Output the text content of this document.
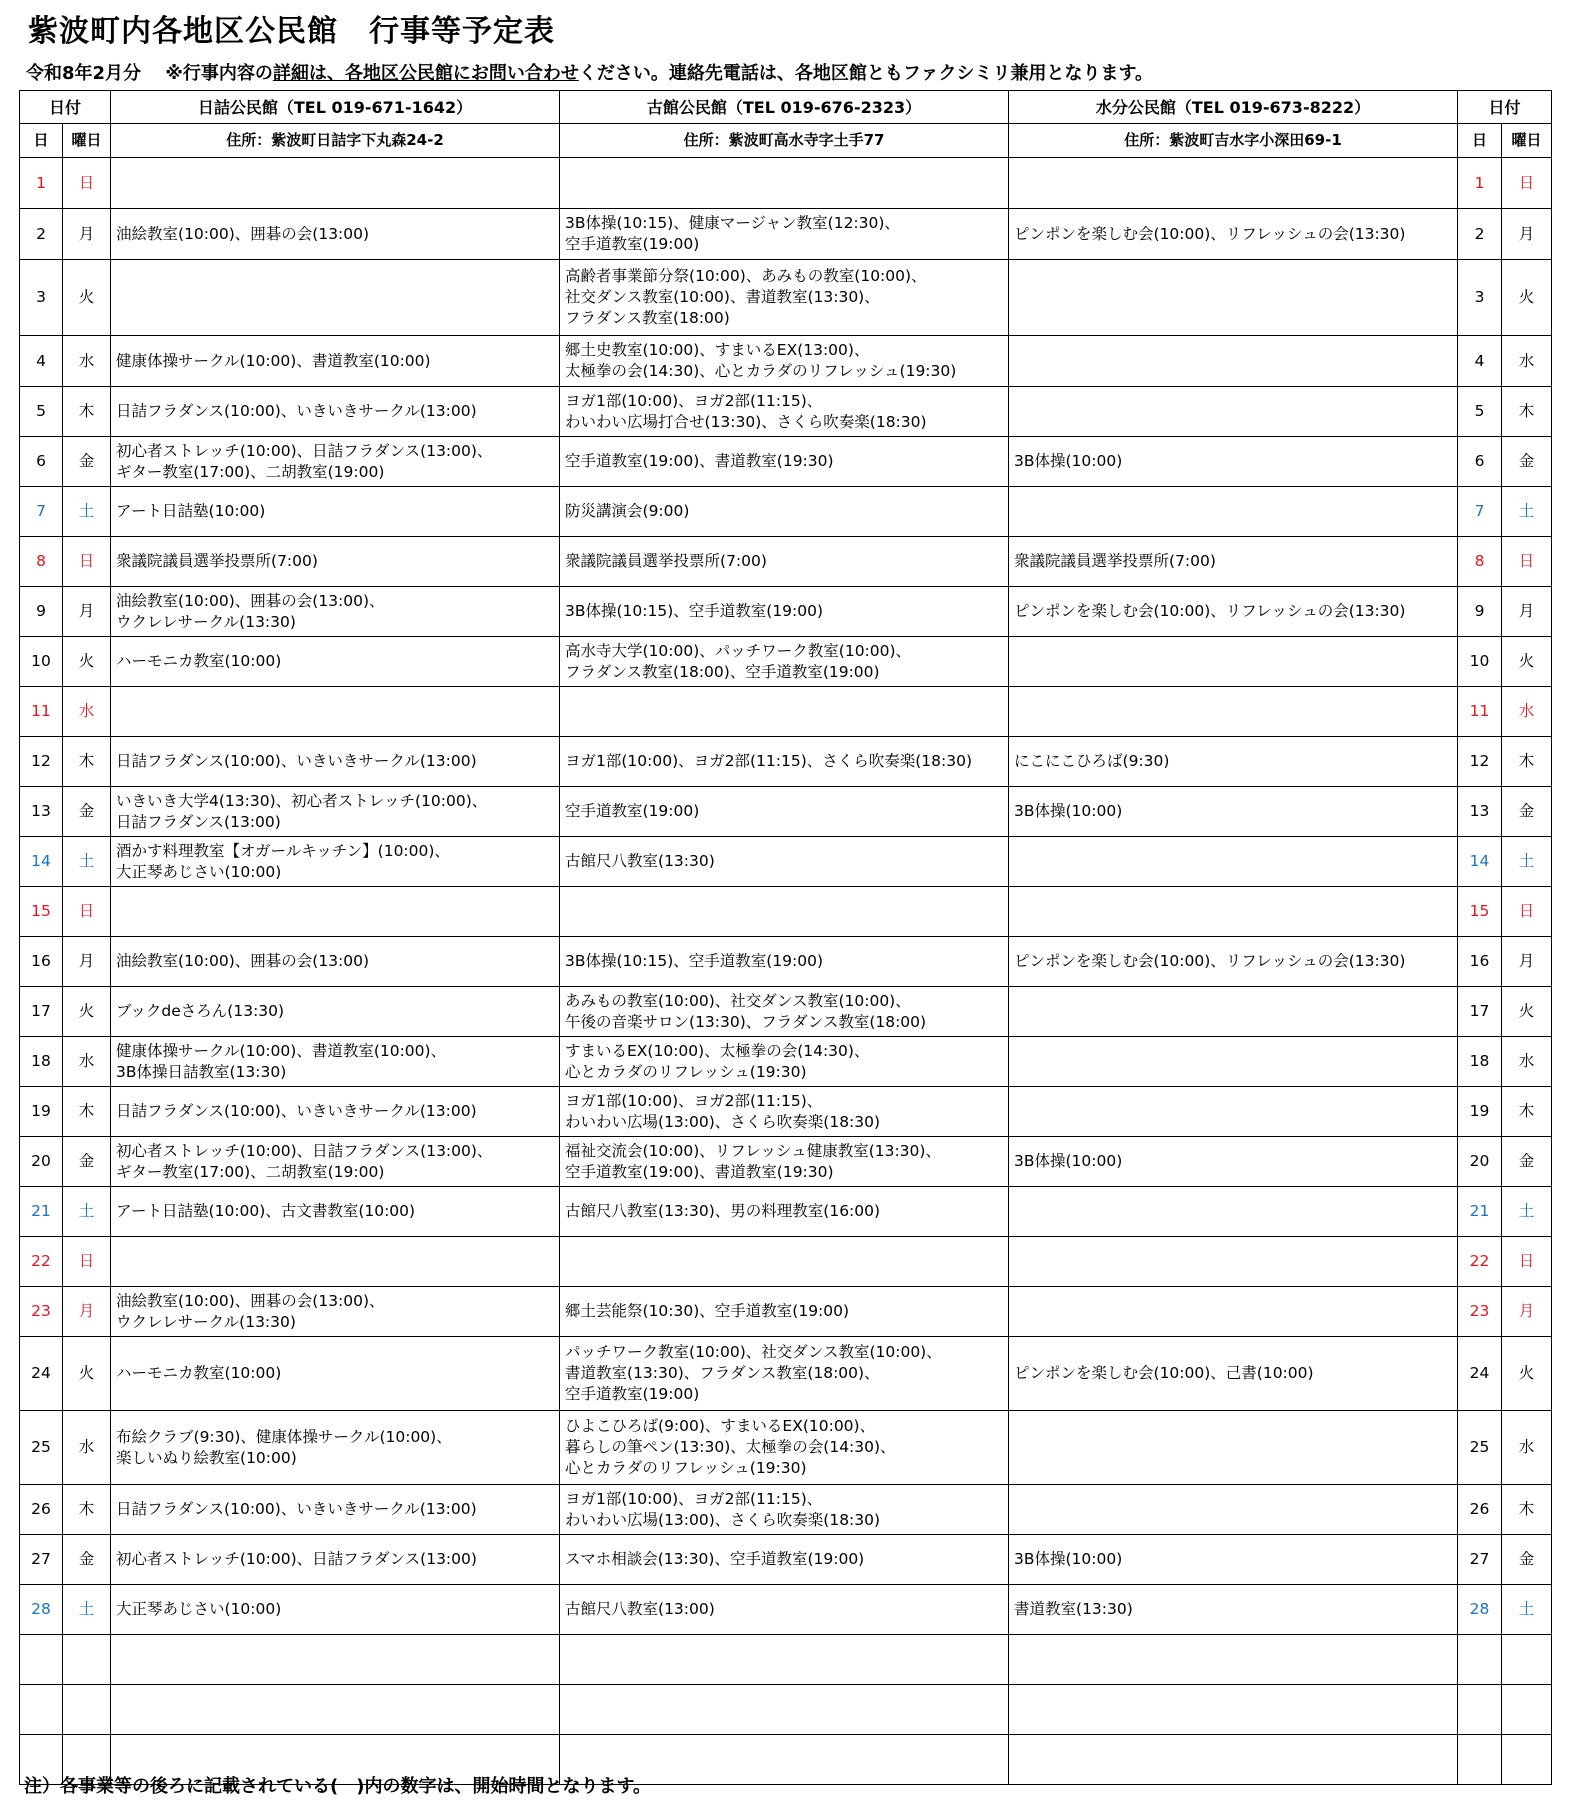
紫波町内各地区公民館　行事等予定表
令和8年2月分　 ※行事内容の詳細は、各地区公民館にお問い合わせください。連絡先電話は、各地区館ともファクシミリ兼用となります。
日付		日詰公民館（TEL 019-671-1642）	古館公民館（TEL 019-676-2323）	水分公民館（TEL 019-673-8222）	日付	
日	曜日	住所：紫波町日詰字下丸森24-2	住所：紫波町高水寺字土手77	住所：紫波町吉水字小深田69-1	日	曜日
1	日				1	日
2	月	油絵教室(10:00)、囲碁の会(13:00)	3B体操(10:15)、健康マージャン教室(12:30)、
空手道教室(19:00)	ピンポンを楽しむ会(10:00)、リフレッシュの会(13:30)	2	月
3	火		高齢者事業節分祭(10:00)、あみもの教室(10:00)、
社交ダンス教室(10:00)、書道教室(13:30)、
フラダンス教室(18:00)		3	火
4	水	健康体操サークル(10:00)、書道教室(10:00)	郷土史教室(10:00)、すまいるEX(13:00)、
太極拳の会(14:30)、心とカラダのリフレッシュ(19:30)		4	水
5	木	日詰フラダンス(10:00)、いきいきサークル(13:00)	ヨガ1部(10:00)、ヨガ2部(11:15)、
わいわい広場打合せ(13:30)、さくら吹奏楽(18:30)		5	木
6	金	初心者ストレッチ(10:00)、日詰フラダンス(13:00)、
ギター教室(17:00)、二胡教室(19:00)	空手道教室(19:00)、書道教室(19:30)	3B体操(10:00)	6	金
7	土	アート日詰塾(10:00)	防災講演会(9:00)		7	土
8	日	衆議院議員選挙投票所(7:00)	衆議院議員選挙投票所(7:00)	衆議院議員選挙投票所(7:00)	8	日
9	月	油絵教室(10:00)、囲碁の会(13:00)、
ウクレレサークル(13:30)	3B体操(10:15)、空手道教室(19:00)	ピンポンを楽しむ会(10:00)、リフレッシュの会(13:30)	9	月
10	火	ハーモニカ教室(10:00)	高水寺大学(10:00)、パッチワーク教室(10:00)、
フラダンス教室(18:00)、空手道教室(19:00)		10	火
11	水				11	水
12	木	日詰フラダンス(10:00)、いきいきサークル(13:00)	ヨガ1部(10:00)、ヨガ2部(11:15)、さくら吹奏楽(18:30)	にこにこひろば(9:30)	12	木
13	金	いきいき大学4(13:30)、初心者ストレッチ(10:00)、
日詰フラダンス(13:00)	空手道教室(19:00)	3B体操(10:00)	13	金
14	土	酒かす料理教室【オガールキッチン】(10:00)、
大正琴あじさい(10:00)	古館尺八教室(13:30)		14	土
15	日				15	日
16	月	油絵教室(10:00)、囲碁の会(13:00)	3B体操(10:15)、空手道教室(19:00)	ピンポンを楽しむ会(10:00)、リフレッシュの会(13:30)	16	月
17	火	ブックdeさろん(13:30)	あみもの教室(10:00)、社交ダンス教室(10:00)、
午後の音楽サロン(13:30)、フラダンス教室(18:00)		17	火
18	水	健康体操サークル(10:00)、書道教室(10:00)、
3B体操日詰教室(13:30)	すまいるEX(10:00)、太極拳の会(14:30)、
心とカラダのリフレッシュ(19:30)		18	水
19	木	日詰フラダンス(10:00)、いきいきサークル(13:00)	ヨガ1部(10:00)、ヨガ2部(11:15)、
わいわい広場(13:00)、さくら吹奏楽(18:30)		19	木
20	金	初心者ストレッチ(10:00)、日詰フラダンス(13:00)、
ギター教室(17:00)、二胡教室(19:00)	福祉交流会(10:00)、リフレッシュ健康教室(13:30)、
空手道教室(19:00)、書道教室(19:30)	3B体操(10:00)	20	金
21	土	アート日詰塾(10:00)、古文書教室(10:00)	古館尺八教室(13:30)、男の料理教室(16:00)		21	土
22	日				22	日
23	月	油絵教室(10:00)、囲碁の会(13:00)、
ウクレレサークル(13:30)	郷土芸能祭(10:30)、空手道教室(19:00)		23	月
24	火	ハーモニカ教室(10:00)	パッチワーク教室(10:00)、社交ダンス教室(10:00)、
書道教室(13:30)、フラダンス教室(18:00)、
空手道教室(19:00)	ピンポンを楽しむ会(10:00)、己書(10:00)	24	火
25	水	布絵クラブ(9:30)、健康体操サークル(10:00)、
楽しいぬり絵教室(10:00)	ひよこひろば(9:00)、すまいるEX(10:00)、
暮らしの筆ペン(13:30)、太極拳の会(14:30)、
心とカラダのリフレッシュ(19:30)		25	水
26	木	日詰フラダンス(10:00)、いきいきサークル(13:00)	ヨガ1部(10:00)、ヨガ2部(11:15)、
わいわい広場(13:00)、さくら吹奏楽(18:30)		26	木
27	金	初心者ストレッチ(10:00)、日詰フラダンス(13:00)	スマホ相談会(13:30)、空手道教室(19:00)	3B体操(10:00)	27	金
28	土	大正琴あじさい(10:00)	古館尺八教室(13:00)	書道教室(13:30)	28	土

注）各事業等の後ろに記載されている(　)内の数字は、開始時間となります。
